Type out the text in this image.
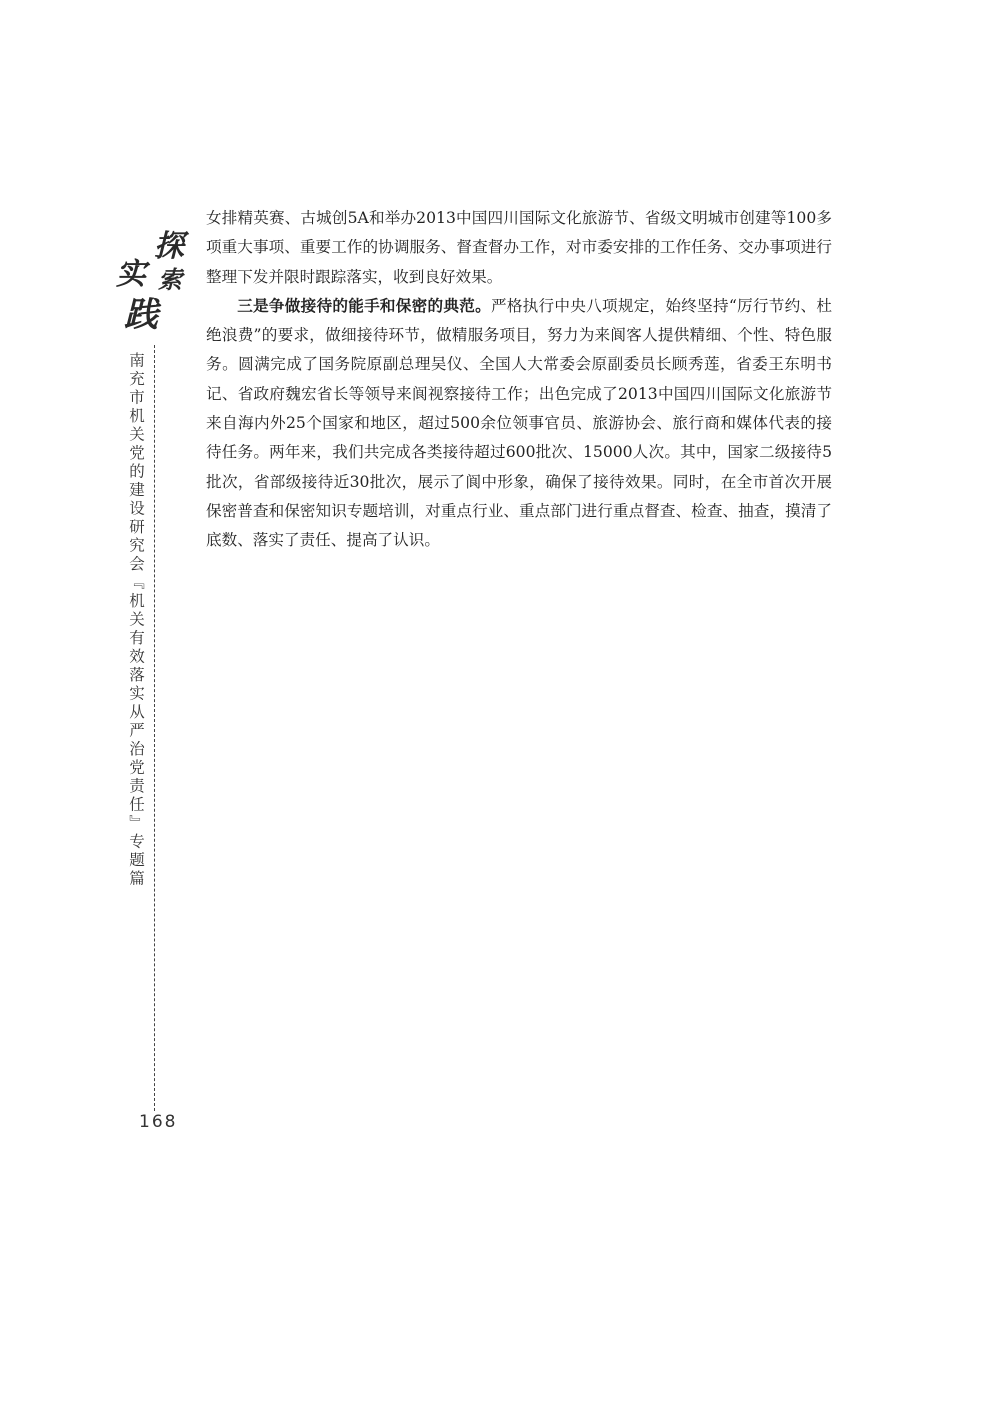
探
索
实
践
南充市机关党的建设研究会『机关有效落实从严治党责任』专题篇
168

女排精英赛、古城创5A和举办2013中国四川国际文化旅游节、省级文明城市创建等100多项重大事项、重要工作的协调服务、督查督办工作，对市委安排的工作任务、交办事项进行整理下发并限时跟踪落实，收到良好效果。

三是争做接待的能手和保密的典范。严格执行中央八项规定，始终坚持“厉行节约、杜绝浪费”的要求，做细接待环节，做精服务项目，努力为来阆客人提供精细、个性、特色服务。圆满完成了国务院原副总理吴仪、全国人大常委会原副委员长顾秀莲，省委王东明书记、省政府魏宏省长等领导来阆视察接待工作；出色完成了2013中国四川国际文化旅游节来自海内外25个国家和地区，超过500余位领事官员、旅游协会、旅行商和媒体代表的接待任务。两年来，我们共完成各类接待超过600批次、15000人次。其中，国家二级接待5批次，省部级接待近30批次，展示了阆中形象，确保了接待效果。同时，在全市首次开展保密普查和保密知识专题培训，对重点行业、重点部门进行重点督查、检查、抽查，摸清了底数、落实了责任、提高了认识。
